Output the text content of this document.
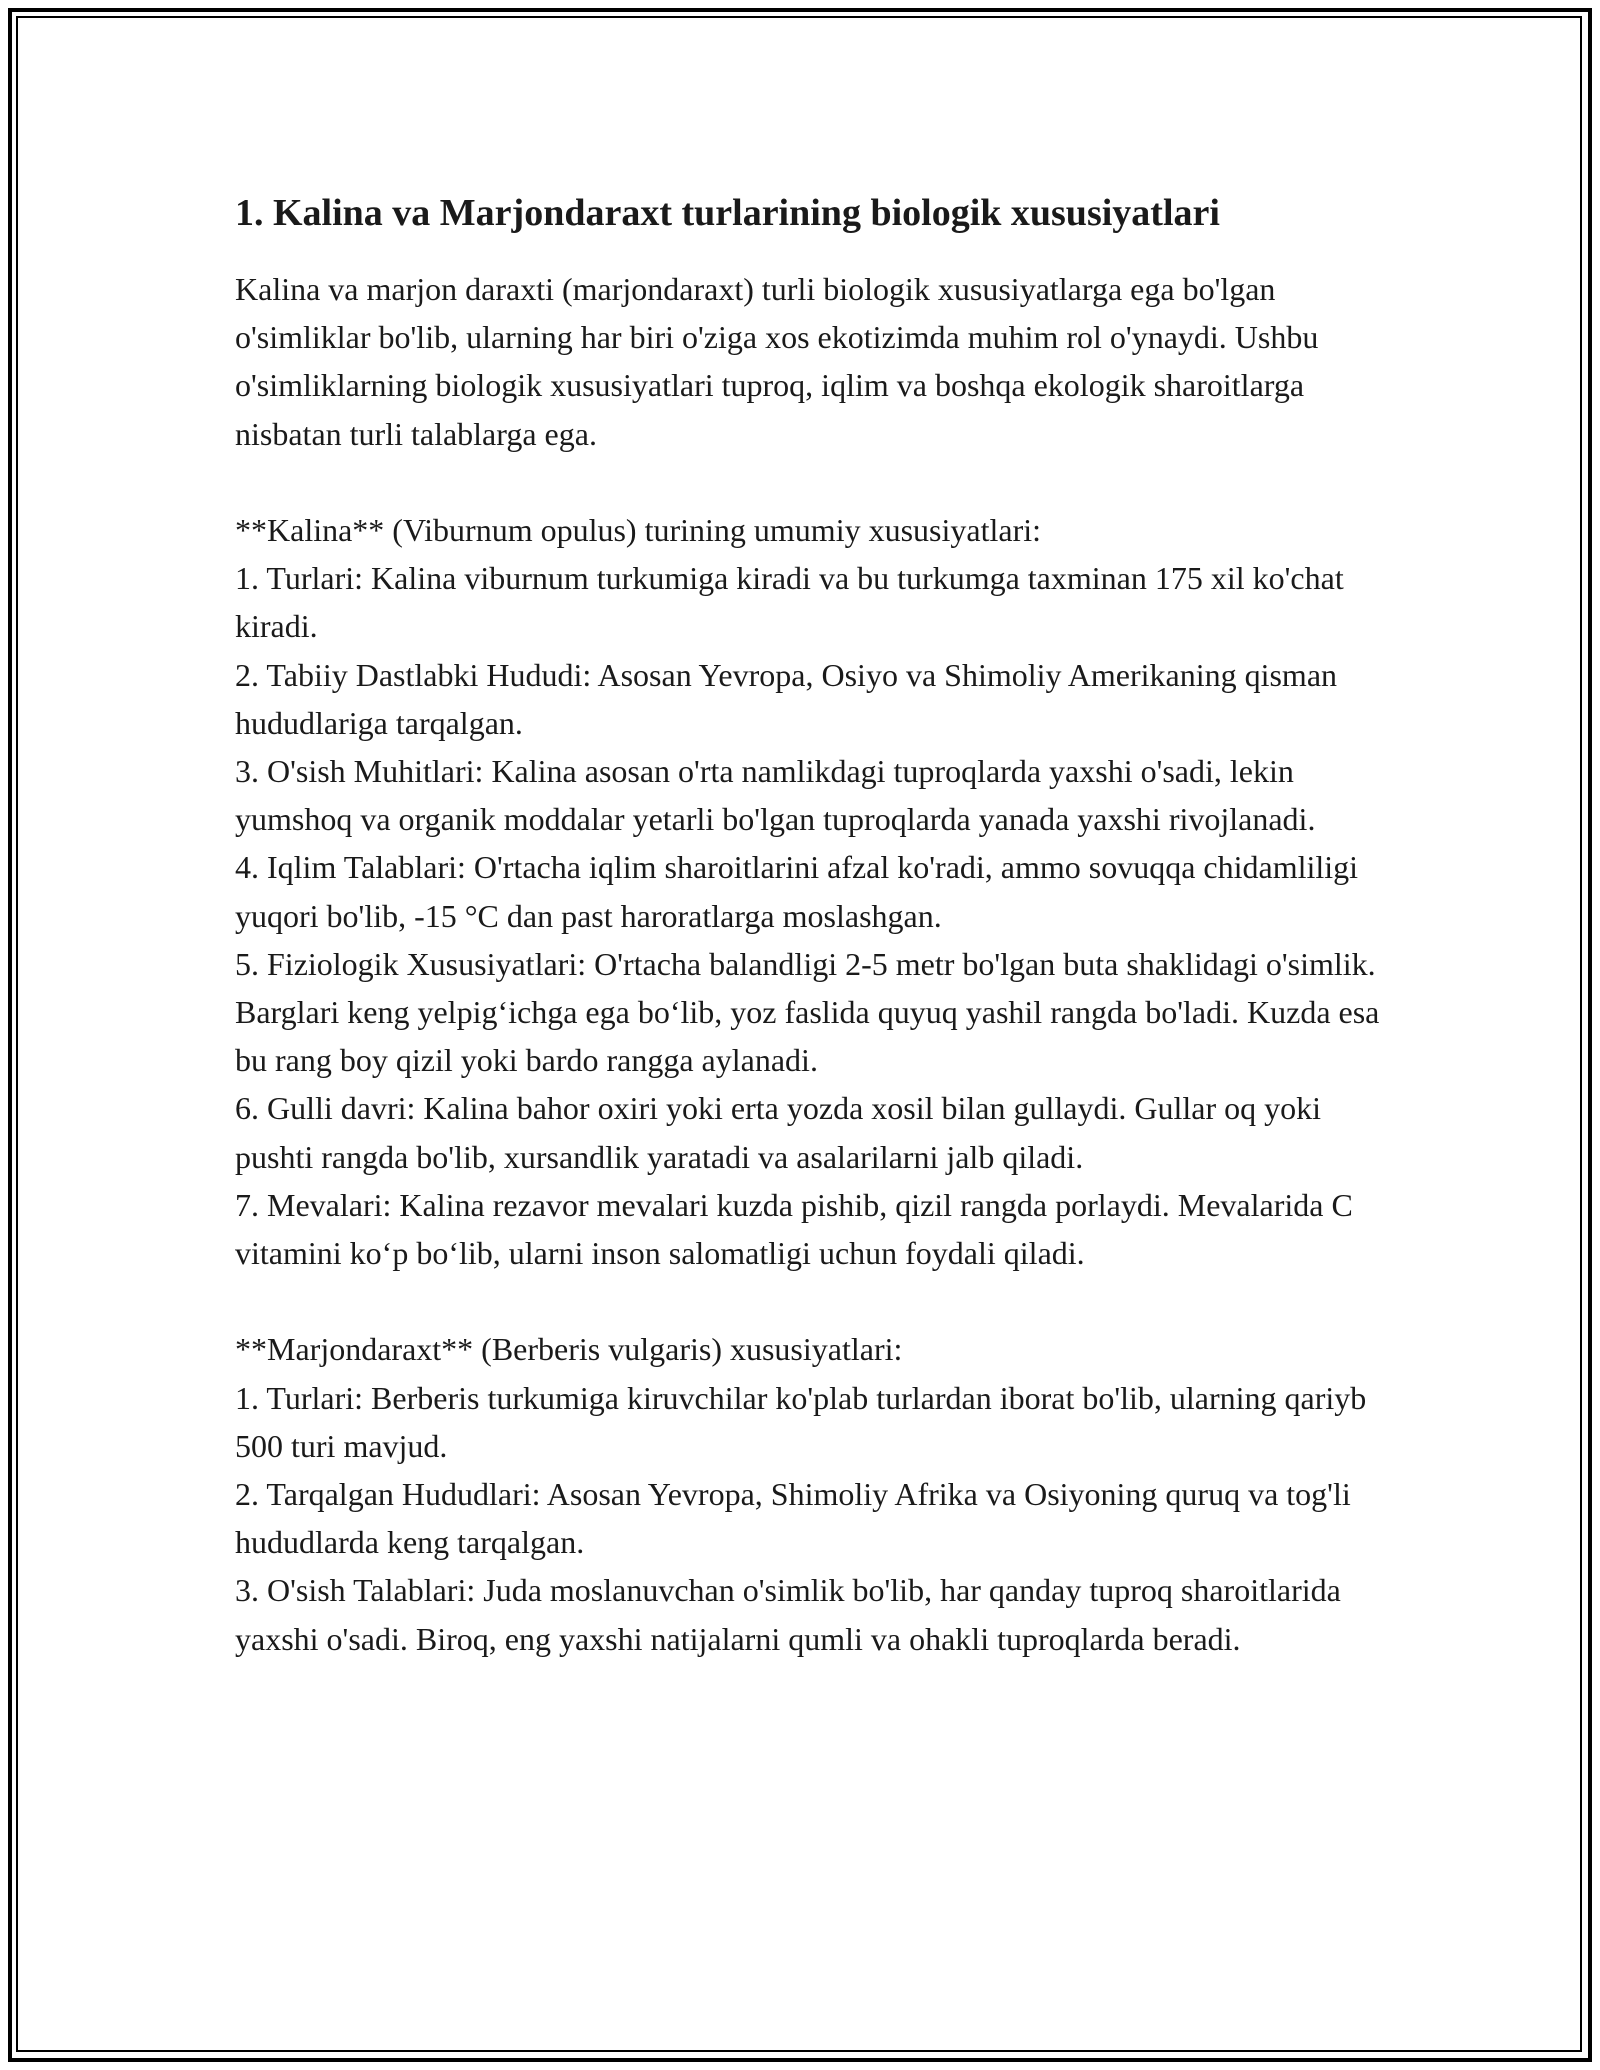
1. Kalina va Marjondaraxt turlarining biologik xususiyatlari

Kalina va marjon daraxti (marjondaraxt) turli biologik xususiyatlarga ega bo'lgan o'simliklar bo'lib, ularning har biri o'ziga xos ekotizimda muhim rol o'ynaydi. Ushbu o'simliklarning biologik xususiyatlari tuproq, iqlim va boshqa ekologik sharoitlarga nisbatan turli talablarga ega.

**Kalina** (Viburnum opulus) turining umumiy xususiyatlari:

1. Turlari: Kalina viburnum turkumiga kiradi va bu turkumga taxminan 175 xil ko'chat kiradi.

2. Tabiiy Dastlabki Hududi: Asosan Yevropa, Osiyo va Shimoliy Amerikaning qisman hududlariga tarqalgan.

3. O'sish Muhitlari: Kalina asosan o'rta namlikdagi tuproqlarda yaxshi o'sadi, lekin yumshoq va organik moddalar yetarli bo'lgan tuproqlarda yanada yaxshi rivojlanadi.

4. Iqlim Talablari: O'rtacha iqlim sharoitlarini afzal ko'radi, ammo sovuqqa chidamliligi yuqori bo'lib, -15 °C dan past haroratlarga moslashgan.

5. Fiziologik Xususiyatlari: O'rtacha balandligi 2-5 metr bo'lgan buta shaklidagi o'simlik. Barglari keng yelpig‘ichga ega bo‘lib, yoz faslida quyuq yashil rangda bo'ladi. Kuzda esa bu rang boy qizil yoki bardo rangga aylanadi.

6. Gulli davri: Kalina bahor oxiri yoki erta yozda xosil bilan gullaydi. Gullar oq yoki pushti rangda bo'lib, xursandlik yaratadi va asalarilarni jalb qiladi.

7. Mevalari: Kalina rezavor mevalari kuzda pishib, qizil rangda porlaydi. Mevalarida C vitamini ko‘p bo‘lib, ularni inson salomatligi uchun foydali qiladi.

**Marjondaraxt** (Berberis vulgaris) xususiyatlari:

1. Turlari: Berberis turkumiga kiruvchilar ko'plab turlardan iborat bo'lib, ularning qariyb 500 turi mavjud.

2. Tarqalgan Hududlari: Asosan Yevropa, Shimoliy Afrika va Osiyoning quruq va tog'li hududlarda keng tarqalgan.

3. O'sish Talablari: Juda moslanuvchan o'simlik bo'lib, har qanday tuproq sharoitlarida yaxshi o'sadi. Biroq, eng yaxshi natijalarni qumli va ohakli tuproqlarda beradi.
